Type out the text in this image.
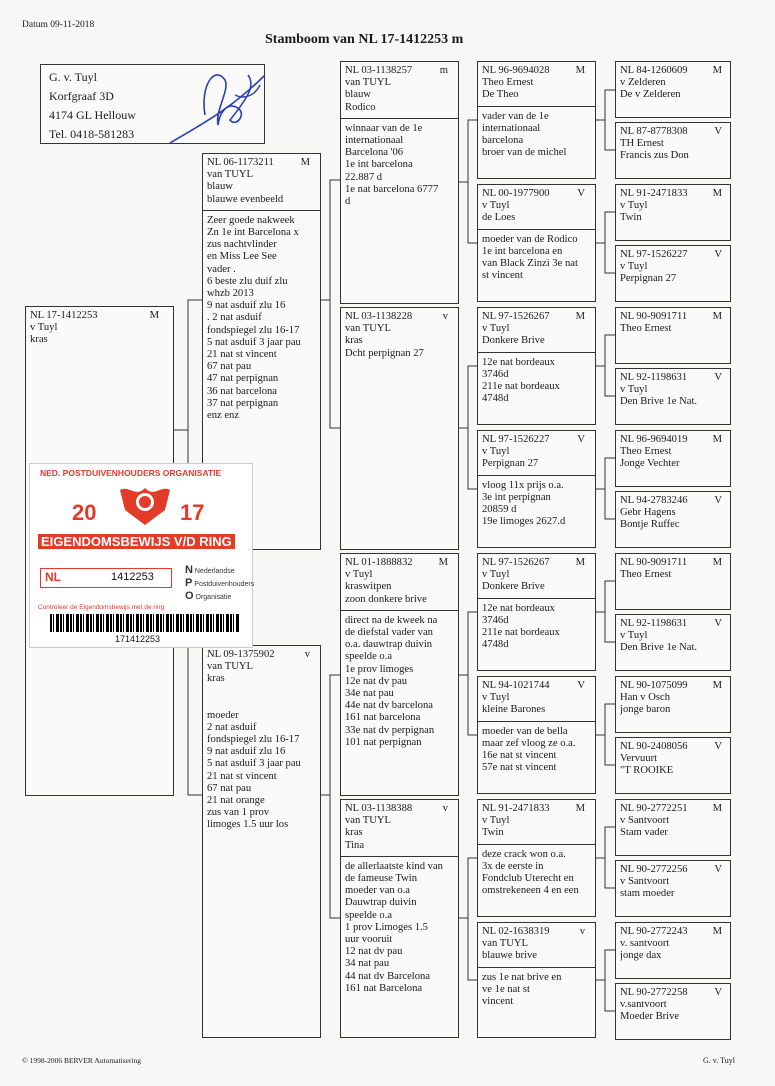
Datum 09-11-2018
Stamboom van NL 17-1412253 m
G. v. Tuyl
Korfgraaf 3D
4174 GL Hellouw
Tel. 0418-581283
NL 17-1412253	M
v Tuyl
kras
NL 06-1173211	M
van TUYL
blauw
blauwe evenbeeld
Zeer goede nakweek
Zn 1e int Barcelona x
zus nachtvlinder
en Miss Lee See
vader .
6 beste zlu duif zlu
whzb 2013
9 nat asduif zlu 16
. 2 nat asduif
fondspiegel zlu 16-17
5 nat asduif 3 jaar pau
21 nat st vincent
67 nat pau
47 nat perpignan
36 nat barcelona
37 nat perpignan
enz enz
NL 09-1375902	v
van TUYL
kras
moeder
2 nat asduif
fondspiegel zlu 16-17
9 nat asduif zlu 16
5 nat asduif 3 jaar pau
21 nat st vincent
67 nat pau
21 nat orange
zus van 1 prov
limoges 1.5 uur los
NL 03-1138257	m
van TUYL
blauw
Rodico
winnaar van de 1e
internationaal
Barcelona '06
1e int barcelona
22.887 d
1e nat barcelona 6777
d
NL 03-1138228	v
van TUYL
kras
Dcht perpignan 27
NL 01-1888832 M
v Tuyl
kraswitpen
zoon donkere brive
direct na de kweek na
de diefstal vader van
o.a. dauwtrap duivin
speelde o.a
1e prov limoges
12e nat dv pau
34e nat pau
44e nat dv barcelona
161 nat barcelona
33e nat dv perpignan
101 nat perpignan
NL 03-1138388	v
van TUYL
kras
Tina
de allerlaatste kind van
de fameuse Twin
moeder van o.a
Dauwtrap duivin
speelde o.a
1 prov Limoges 1.5
uur vooruit
12 nat dv pau
34 nat pau
44 nat dv Barcelona
161 nat Barcelona
NL 96-9694028 M
Theo Ernest
De Theo
vader van de 1e
internationaal
barcelona
broer van de michel
NL 00-1977900	V
v Tuyl
de Loes
moeder van de Rodico
1e int barcelona en
van Black Zinzi 3e nat
st vincent
NL 97-1526267 M
v Tuyl
Donkere Brive
12e nat bordeaux
3746d
211e nat bordeaux
4748d
NL 97-1526227	V
v Tuyl
Perpignan 27
vloog 11x prijs o.a.
3e int perpignan
20859 d
19e limoges 2627.d
NL 97-1526267 M
v Tuyl
Donkere Brive
12e nat bordeaux
3746d
211e nat bordeaux
4748d
NL 94-1021744	V
v Tuyl
kleine Barones
moeder van de bella
maar zef vloog ze o.a.
16e nat st vincent
57e nat st vincent
NL 91-2471833 M
v Tuyl
Twin
deze crack won o.a.
3x de eerste in
Fondclub Uterecht en
omstrekeneen 4 en een
NL 02-1638319	v
van TUYL
blauwe brive
zus 1e nat brive en
ve 1e nat st
vincent
NL 84-1260609 M
v Zelderen
De v Zelderen
NL 87-8778308	V
TH Ernest
Francis zus Don
NL 91-2471833 M
v Tuyl
Twin
NL 97-1526227	V
v Tuyl
Perpignan 27
NL 90-9091711 M
Theo Ernest
NL 92-1198631	V
v Tuyl
Den Brive 1e Nat.
NL 96-9694019 M
Theo Ernest
Jonge Vechter
NL 94-2783246	V
Gebr Hagens
Bontje Ruffec
NL 90-9091711 M
Theo Ernest
NL 92-1198631	V
v Tuyl
Den Brive 1e Nat.
NL 90-1075099 M
Han v Osch
jonge baron
NL 90-2408056	V
Vervuurt
"T ROOIKE
NL 90-2772251 M
v Santvoort
Stam vader
NL 90-2772256	V
v Santvoort
stam moeder
NL 90-2772243 M
v. santvoort
jonge dax
NL 90-2772258	V
v.santvoort
Moeder Brive
NED. POSTDUIVENHOUDERS ORGANISATIE
20	17
EIGENDOMSBEWIJS V/D RING
NL	1412253
N Nederlandse
P Postduivenhouders
O Organisatie
Controleer de Eigendomsbewijs met de ring
171412253
© 1998-2006 BERVER Automatisering	G. v. Tuyl
